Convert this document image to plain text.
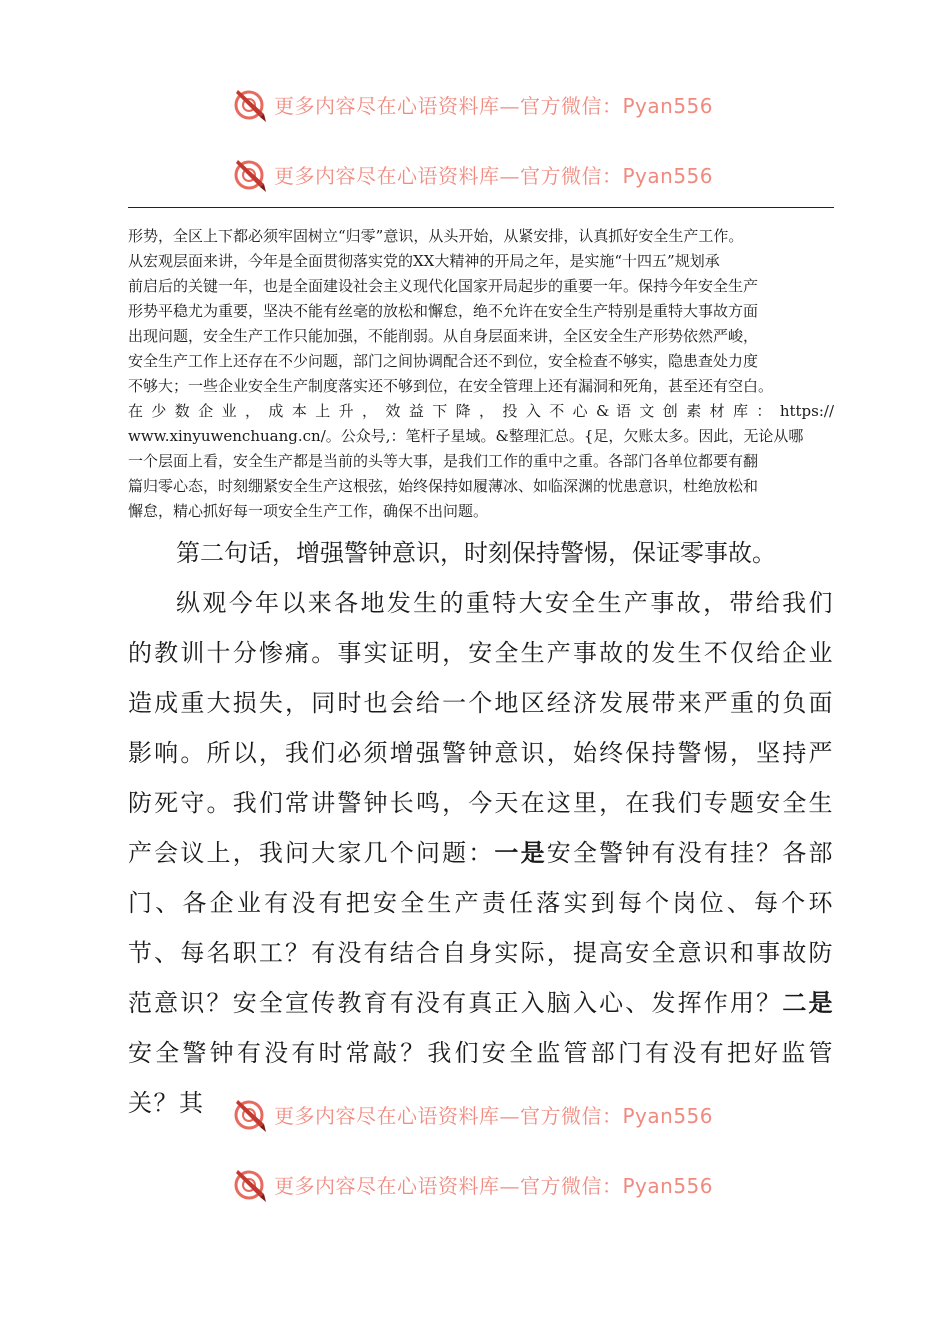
更多内容尽在心语资料库—官方微信：Pyan556
更多内容尽在心语资料库—官方微信：Pyan556

形势，全区上下都必须牢固树立“归零”意识，从头开始，从紧安排，认真抓好安全生产工作。

从宏观层面来讲，今年是全面贯彻落实党的XX大精神的开局之年，是实施“十四五”规划承

前启后的关键一年，也是全面建设社会主义现代化国家开局起步的重要一年。保持今年安全生产

形势平稳尤为重要，坚决不能有丝毫的放松和懈怠，绝不允许在安全生产特别是重特大事故方面

出现问题，安全生产工作只能加强，不能削弱。从自身层面来讲，全区安全生产形势依然严峻，

安全生产工作上还存在不少问题，部门之间协调配合还不到位，安全检查不够实，隐患查处力度

不够大；一些企业安全生产制度落实还不够到位，在安全管理上还有漏洞和死角，甚至还有空白。

在 少 数 企 业 ， 成 本 上 升 ， 效 益 下 降 ， 投 入 不 心 & 语 文 创 素 材 库 ： https://

www.xinyuwenchuang.cn/。公众号,：笔杆子星域。&整理汇总。{足，欠账太多。因此，无论从哪

一个层面上看，安全生产都是当前的头等大事，是我们工作的重中之重。各部门各单位都要有翻

篇归零心态，时刻绷紧安全生产这根弦，始终保持如履薄冰、如临深渊的忧患意识，杜绝放松和

懈怠，精心抓好每一项安全生产工作，确保不出问题。

第二句话，增强警钟意识，时刻保持警惕，保证零事故。

纵观今年以来各地发生的重特大安全生产事故，带给我们的教训十分惨痛。事实证明，安全生产事故的发生不仅给企业造成重大损失，同时也会给一个地区经济发展带来严重的负面影响。所以，我们必须增强警钟意识，始终保持警惕，坚持严防死守。我们常讲警钟长鸣，今天在这里，在我们专题安全生产会议上，我问大家几个问题：一是安全警钟有没有挂？各部门、各企业有没有把安全生产责任落实到每个岗位、每个环节、每名职工？有没有结合自身实际，提高安全意识和事故防范意识？安全宣传教育有没有真正入脑入心、发挥作用？二是安全警钟有没有时常敲？我们安全监管部门有没有把好监管关？其	更多内容尽在心语资料库—官方微信：Pyan556
更多内容尽在心语资料库—官方微信：Pyan556
